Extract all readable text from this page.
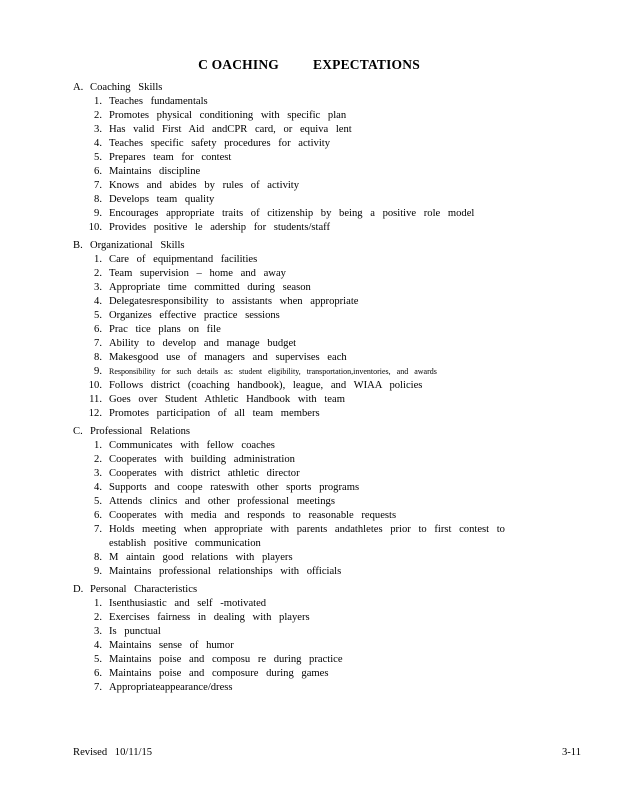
C OACHING	EXPECTATIONS
A. Coaching Skills
1. Teaches fundamentals
2. Promotes physical conditioning with specific plan
3. Has valid First Aid andCPR card, or equiva lent
4. Teaches specific safety procedures for activity
5. Prepares team for contest
6. Maintains discipline
7. Knows and abides by rules of activity
8. Develops team quality
9. Encourages appropriate traits of citizenship by being a positive role model
10. Provides positive le adership for students/staff
B. Organizational Skills
1. Care of equipmentand facilities
2. Team supervision – home and away
3. Appropriate time committed during season
4. Delegatesresponsibility to assistants when appropriate
5. Organizes effective practice sessions
6. Prac tice plans on file
7. Ability to develop and manage budget
8. Makesgood use of managers and supervises each
9. Responsibility for such details as: student eligibility, transportation,inventories, and awards
10. Follows district (coaching handbook), league, and WIAA policies
11. Goes over Student Athletic Handbook with team
12. Promotes participation of all team members
C. Professional Relations
1. Communicates with fellow coaches
2. Cooperates with building administration
3. Cooperates with district athletic director
4. Supports and coope rateswith other sports programs
5. Attends clinics and other professional meetings
6. Cooperates with media and responds to reasonable requests
7. Holds meeting when appropriate with parents andathletes prior to first contest to establish positive communication
8. M aintain good relations with players
9. Maintains professional relationships with officials
D. Personal Characteristics
1. Isenthusiastic and self -motivated
2. Exercises fairness in dealing with players
3. Is punctual
4. Maintains sense of humor
5. Maintains poise and composu re during practice
6. Maintains poise and composure during games
7. Appropriateappearance/dress
Revised 10/11/15	3-11
